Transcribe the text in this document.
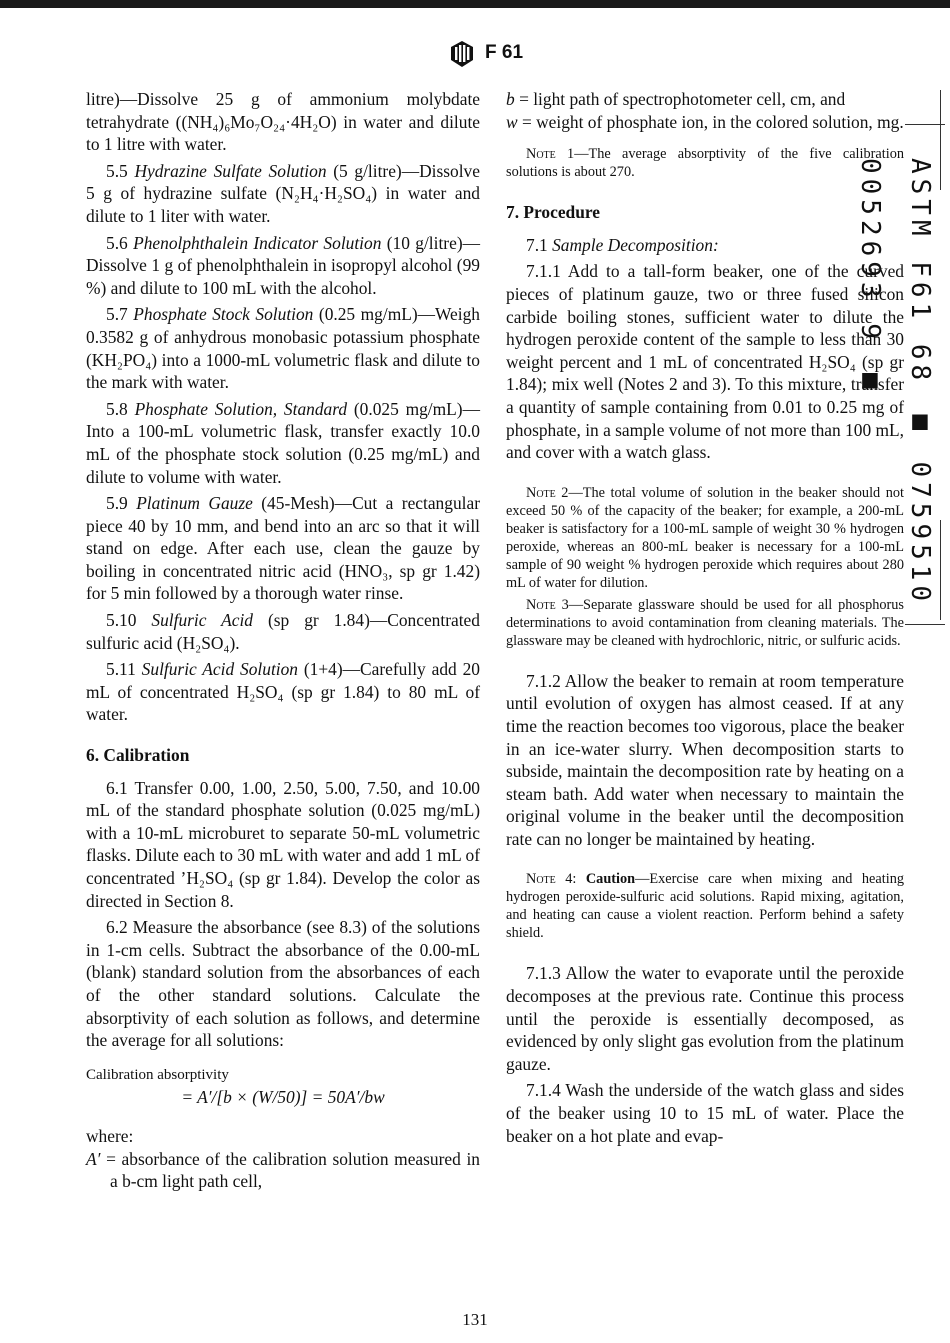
F 61

litre)—Dissolve 25 g of ammonium molybdate tetrahydrate ((NH₄)₆Mo₇O₂₄·4H₂O) in water and dilute to 1 litre with water.

5.5 Hydrazine Sulfate Solution (5 g/litre)—Dissolve 5 g of hydrazine sulfate (N₂H₄·H₂SO₄) in water and dilute to 1 liter with water.

5.6 Phenolphthalein Indicator Solution (10 g/litre)—Dissolve 1 g of phenolphthalein in isopropyl alcohol (99 %) and dilute to 100 mL with the alcohol.

5.7 Phosphate Stock Solution (0.25 mg/mL)—Weigh 0.3582 g of anhydrous monobasic potassium phosphate (KH₂PO₄) into a 1000-mL volumetric flask and dilute to the mark with water.

5.8 Phosphate Solution, Standard (0.025 mg/mL)—Into a 100-mL volumetric flask, transfer exactly 10.0 mL of the phosphate stock solution (0.25 mg/mL) and dilute to volume with water.

5.9 Platinum Gauze (45-Mesh)—Cut a rectangular piece 40 by 10 mm, and bend into an arc so that it will stand on edge. After each use, clean the gauze by boiling in concentrated nitric acid (HNO₃, sp gr 1.42) for 5 min followed by a thorough water rinse.

5.10 Sulfuric Acid (sp gr 1.84)—Concentrated sulfuric acid (H₂SO₄).

5.11 Sulfuric Acid Solution (1+4)—Carefully add 20 mL of concentrated H₂SO₄ (sp gr 1.84) to 80 mL of water.

6. Calibration

6.1 Transfer 0.00, 1.00, 2.50, 5.00, 7.50, and 10.00 mL of the standard phosphate solution (0.025 mg/mL) with a 10-mL microburet to separate 50-mL volumetric flasks. Dilute each to 30 mL with water and add 1 mL of concentrated ’H₂SO₄ (sp gr 1.84). Develop the color as directed in Section 8.

6.2 Measure the absorbance (see 8.3) of the solutions in 1-cm cells. Subtract the absorbance of the 0.00-mL (blank) standard solution from the absorbances of each of the other standard solutions. Calculate the absorptivity of each solution as follows, and determine the average for all solutions:

Calibration absorptivity

= A′/[b × (W/50)] = 50A′/bw

where:

A′ = absorbance of the calibration solution measured in a b-cm light path cell,

b = light path of spectrophotometer cell, cm, and

w = weight of phosphate ion, in the colored solution, mg.

Note 1—The average absorptivity of the five calibration solutions is about 270.

7. Procedure

7.1 Sample Decomposition:

7.1.1 Add to a tall-form beaker, one of the curved pieces of platinum gauze, two or three fused silicon carbide boiling stones, sufficient water to dilute the hydrogen peroxide content of the sample to less than 30 weight percent and 1 mL of concentrated H₂SO₄ (sp gr 1.84); mix well (Notes 2 and 3). To this mixture, transfer a quantity of sample containing from 0.01 to 0.25 mg of phosphate, in a sample volume of not more than 100 mL, and cover with a watch glass.

Note 2—The total volume of solution in the beaker should not exceed 50 % of the capacity of the beaker; for example, a 200-mL beaker is satisfactory for a 100-mL sample of weight 30 % hydrogen peroxide, whereas an 800-mL beaker is necessary for a 100-mL sample of 90 weight % hydrogen peroxide which requires about 280 mL of water for dilution.

Note 3—Separate glassware should be used for all phosphorus determinations to avoid contamination from cleaning materials. The glassware may be cleaned with hydrochloric, nitric, or sulfuric acids.

7.1.2 Allow the beaker to remain at room temperature until evolution of oxygen has almost ceased. If at any time the reaction becomes too vigorous, place the beaker in an ice-water slurry. When decomposition starts to subside, maintain the decomposition rate by heating on a steam bath. Add water when necessary to maintain the original volume in the beaker until the decomposition rate can no longer be maintained by heating.

Note 4: Caution—Exercise care when mixing and heating hydrogen peroxide-sulfuric acid solutions. Rapid mixing, agitation, and heating can cause a violent reaction. Perform behind a safety shield.

7.1.3 Allow the water to evaporate until the peroxide decomposes at the previous rate. Continue this process until the peroxide is essentially decomposed, as evidenced by only slight gas evolution from the platinum gauze.

7.1.4 Wash the underside of the watch glass and sides of the beaker using 10 to 15 mL of water. Place the beaker on a hot plate and evap-

ASTM F61 68 ■ 0759510 0052693 9 ■
131
